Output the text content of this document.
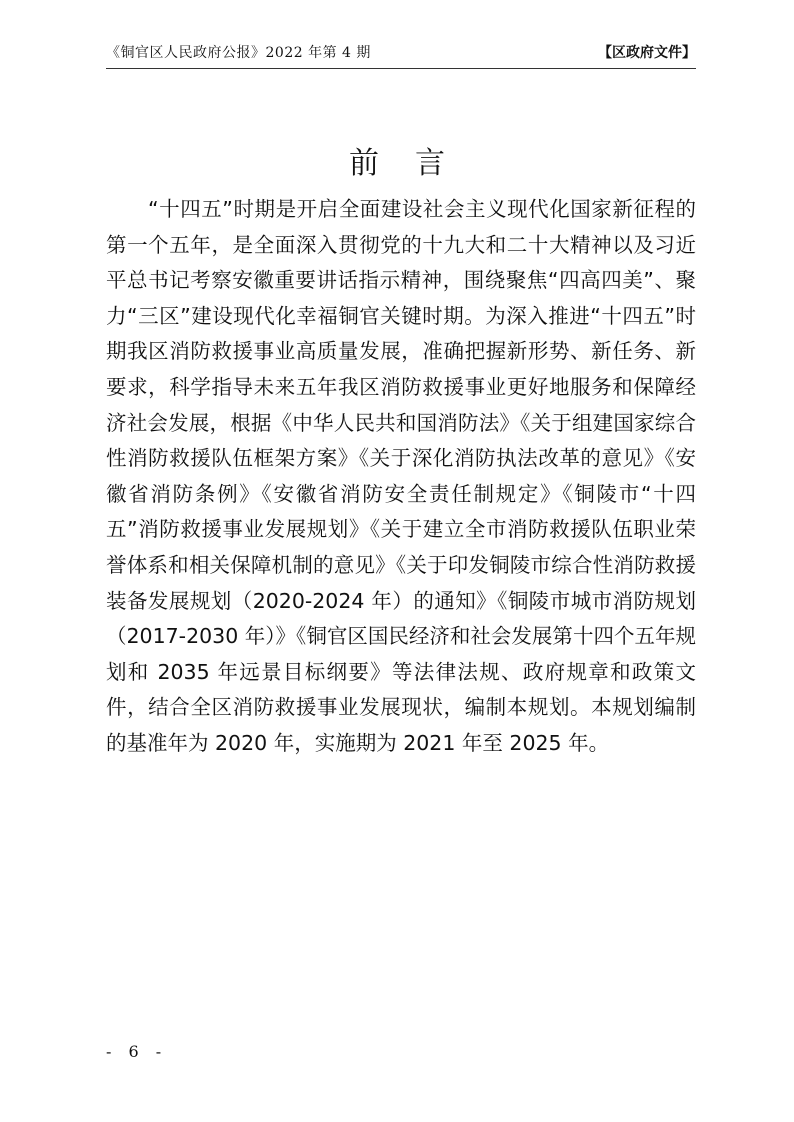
《铜官区人民政府公报》2022 年第 4 期	【区政府文件】
前言

“十四五”时期是开启全面建设社会主义现代化国家新征程的第一个五年，是全面深入贯彻党的十九大和二十大精神以及习近平总书记考察安徽重要讲话指示精神，围绕聚焦“四高四美”、聚力“三区”建设现代化幸福铜官关键时期。为深入推进“十四五”时期我区消防救援事业高质量发展，准确把握新形势、新任务、新要求，科学指导未来五年我区消防救援事业更好地服务和保障经济社会发展，根据《中华人民共和国消防法》《关于组建国家综合性消防救援队伍框架方案》《关于深化消防执法改革的意见》《安徽省消防条例》《安徽省消防安全责任制规定》《铜陵市“十四五”消防救援事业发展规划》《关于建立全市消防救援队伍职业荣誉体系和相关保障机制的意见》《关于印发铜陵市综合性消防救援装备发展规划（2020-2024 年）的通知》《铜陵市城市消防规划（2017-2030 年）》《铜官区国民经济和社会发展第十四个五年规划和 2035 年远景目标纲要》等法律法规、政府规章和政策文件，结合全区消防救援事业发展现状，编制本规划。本规划编制的基准年为 2020 年，实施期为 2021 年至 2025 年。

- 6 -
